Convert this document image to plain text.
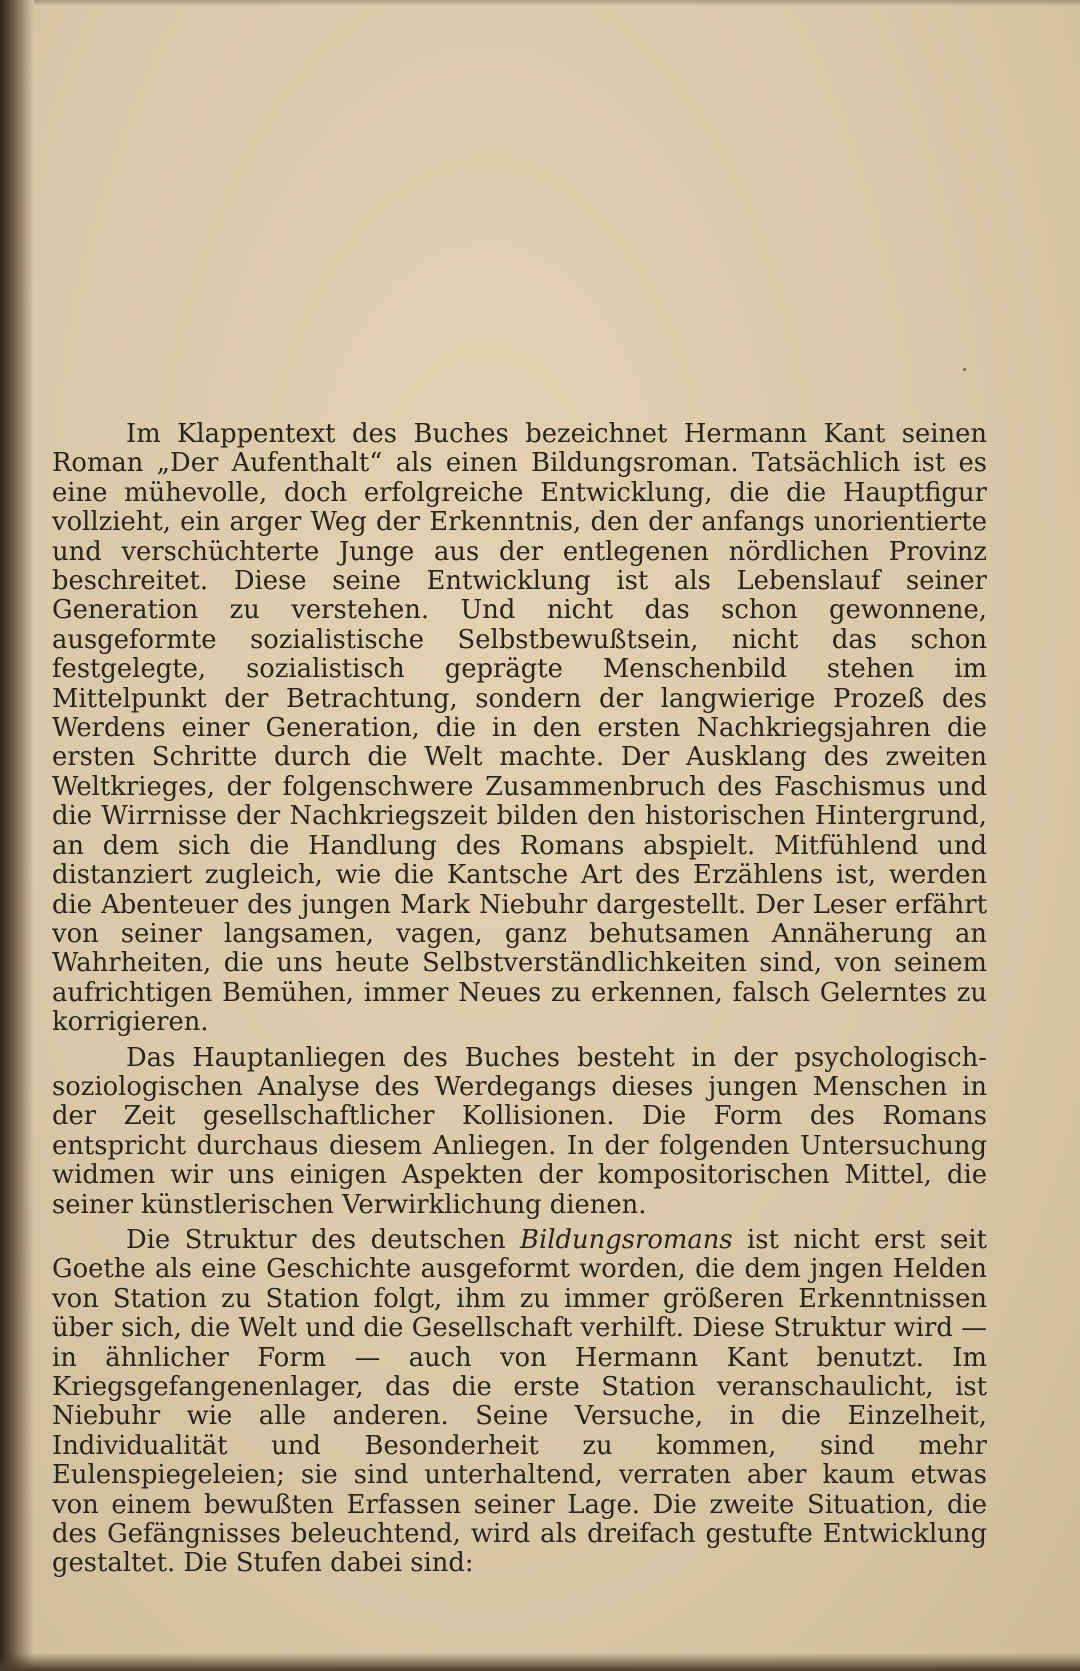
Im Klappentext des Buches bezeichnet Hermann Kant seinen Roman „Der Aufenthalt“ als einen Bildungsroman. Tatsächlich ist es eine mühevolle, doch erfolgreiche Entwicklung, die die Hauptfigur vollzieht, ein arger Weg der Erkenntnis, den der anfangs unorientierte und verschüchterte Junge aus der entlegenen nördlichen Provinz beschreitet. Diese seine Entwicklung ist als Lebenslauf seiner Generation zu verstehen. Und nicht das schon gewonnene, ausgeformte sozialistische Selbstbewußtsein, nicht das schon festgelegte, sozialistisch geprägte Menschenbild stehen im Mittelpunkt der Betrachtung, sondern der langwierige Prozeß des Werdens einer Generation, die in den ersten Nachkriegsjahren die ersten Schritte durch die Welt machte. Der Ausklang des zweiten Weltkrieges, der folgenschwere Zusammenbruch des Faschismus und die Wirrnisse der Nachkriegszeit bilden den historischen Hintergrund, an dem sich die Handlung des Romans abspielt. Mitfühlend und distanziert zugleich, wie die Kantsche Art des Erzählens ist, werden die Abenteuer des jungen Mark Niebuhr dargestellt. Der Leser erfährt von seiner langsamen, vagen, ganz behutsamen Annäherung an Wahrheiten, die uns heute Selbstverständlichkeiten sind, von seinem aufrichtigen Bemühen, immer Neues zu erkennen, falsch Gelerntes zu korrigieren.

Das Hauptanliegen des Buches besteht in der psychologisch-soziologischen Analyse des Werdegangs dieses jungen Menschen in der Zeit gesellschaftlicher Kollisionen. Die Form des Romans entspricht durchaus diesem Anliegen. In der folgenden Untersuchung widmen wir uns einigen Aspekten der kompositorischen Mittel, die seiner künstlerischen Verwirklichung dienen.

Die Struktur des deutschen Bildungsromans ist nicht erst seit Goethe als eine Geschichte ausgeformt worden, die dem jngen Helden von Station zu Station folgt, ihm zu immer größeren Erkenntnissen über sich, die Welt und die Gesellschaft verhilft. Diese Struktur wird — in ähnlicher Form — auch von Hermann Kant benutzt. Im Kriegsgefangenenlager, das die erste Station veranschaulicht, ist Niebuhr wie alle anderen. Seine Versuche, in die Einzelheit, Individualität und Besonderheit zu kommen, sind mehr Eulenspiegeleien; sie sind unterhaltend, verraten aber kaum etwas von einem bewußten Erfassen seiner Lage. Die zweite Situation, die des Gefängnisses beleuchtend, wird als dreifach gestufte Entwicklung gestaltet. Die Stufen dabei sind:
